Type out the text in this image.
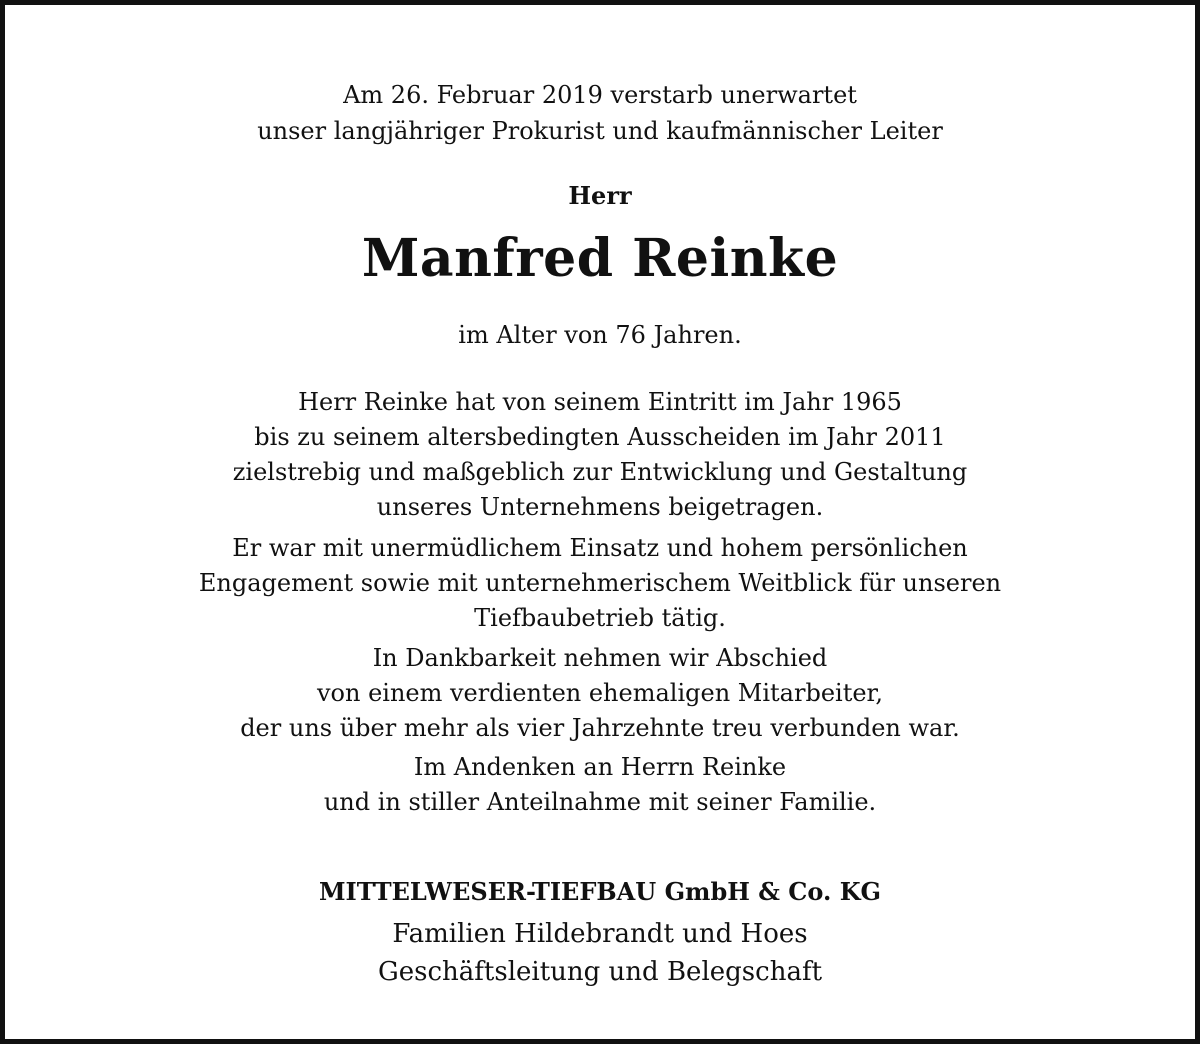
Am 26. Februar 2019 verstarb unerwartet
unser langjähriger Prokurist und kaufmännischer Leiter
Herr
Manfred Reinke
im Alter von 76 Jahren.
Herr Reinke hat von seinem Eintritt im Jahr 1965
bis zu seinem altersbedingten Ausscheiden im Jahr 2011
zielstrebig und maßgeblich zur Entwicklung und Gestaltung
unseres Unternehmens beigetragen.
Er war mit unermüdlichem Einsatz und hohem persönlichen
Engagement sowie mit unternehmerischem Weitblick für unseren
Tiefbaubetrieb tätig.
In Dankbarkeit nehmen wir Abschied
von einem verdienten ehemaligen Mitarbeiter,
der uns über mehr als vier Jahrzehnte treu verbunden war.
Im Andenken an Herrn Reinke
und in stiller Anteilnahme mit seiner Familie.
MITTELWESER-TIEFBAU GmbH & Co. KG
Familien Hildebrandt und Hoes
Geschäftsleitung und Belegschaft
